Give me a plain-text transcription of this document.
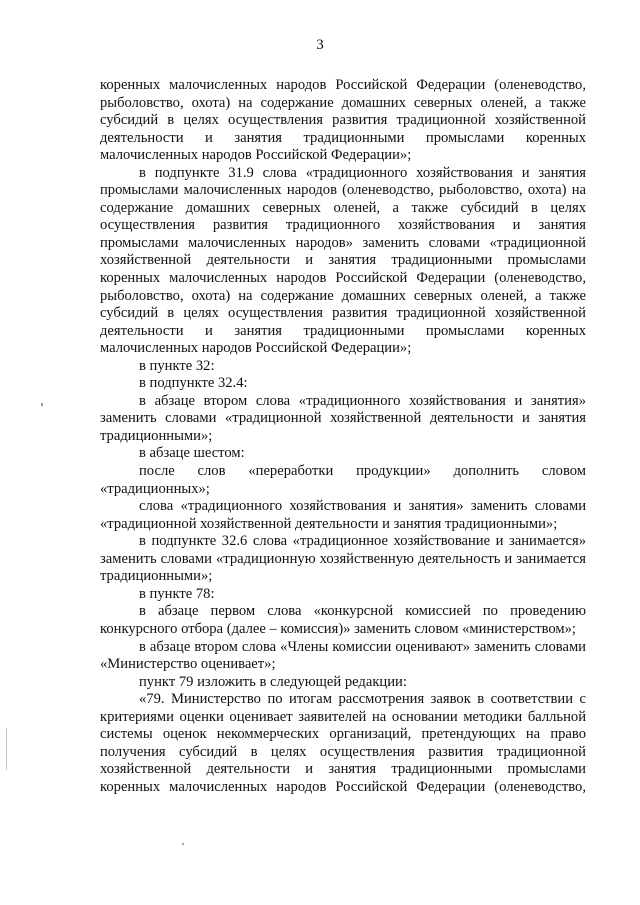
3

коренных малочисленных народов Российской Федерации (оленеводство, рыболовство, охота) на содержание домашних северных оленей, а также субсидий в целях осуществления развития традиционной хозяйственной деятельности и занятия традиционными промыслами коренных малочисленных народов Российской Федерации»;

в подпункте 31.9 слова «традиционного хозяйствования и занятия промыслами малочисленных народов (оленеводство, рыболовство, охота) на содержание домашних северных оленей, а также субсидий в целях осуществления развития традиционного хозяйствования и занятия промыслами малочисленных народов» заменить словами «традиционной хозяйственной деятельности и занятия традиционными промыслами коренных малочисленных народов Российской Федерации (оленеводство, рыболовство, охота) на содержание домашних северных оленей, а также субсидий в целях осуществления развития традиционной хозяйственной деятельности и занятия традиционными промыслами коренных малочисленных народов Российской Федерации»;

в пункте 32:

в подпункте 32.4:

в абзаце втором слова «традиционного хозяйствования и занятия» заменить словами «традиционной хозяйственной деятельности и занятия традиционными»;

в абзаце шестом:

после слов «переработки продукции» дополнить словом «традиционных»;

слова «традиционного хозяйствования и занятия» заменить словами «традиционной хозяйственной деятельности и занятия традиционными»;

в подпункте 32.6 слова «традиционное хозяйствование и занимается» заменить словами «традиционную хозяйственную деятельность и занимается традиционными»;

в пункте 78:

в абзаце первом слова «конкурсной комиссией по проведению конкурсного отбора (далее – комиссия)» заменить словом «министерством»;

в абзаце втором слова «Члены комиссии оценивают» заменить словами «Министерство оценивает»;

пункт 79 изложить в следующей редакции:

«79. Министерство по итогам рассмотрения заявок в соответствии с критериями оценки оценивает заявителей на основании методики балльной системы оценок некоммерческих организаций, претендующих на право получения субсидий в целях осуществления развития традиционной хозяйственной деятельности и занятия традиционными промыслами коренных малочисленных народов Российской Федерации (оленеводство,
